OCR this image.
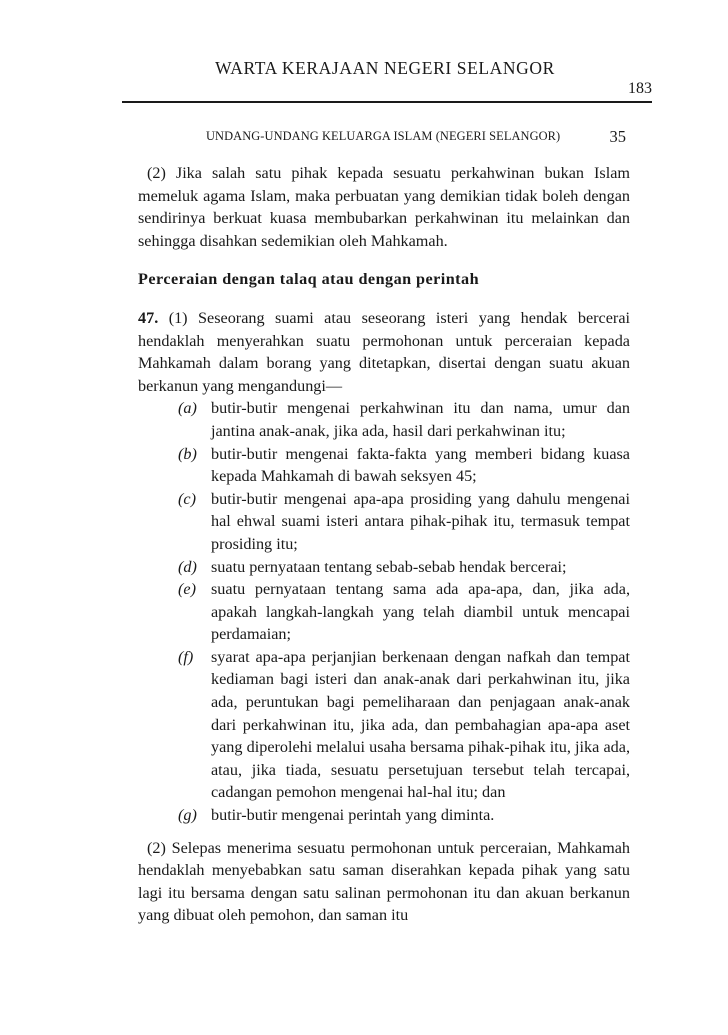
WARTA KERAJAAN NEGERI SELANGOR
183
UNDANG-UNDANG KELUARGA ISLAM (NEGERI SELANGOR)	35

(2) Jika salah satu pihak kepada sesuatu perkahwinan bukan Islam memeluk agama Islam, maka perbuatan yang demikian tidak boleh dengan sendirinya berkuat kuasa membubarkan perkahwinan itu melainkan dan sehingga disahkan sedemikian oleh Mahkamah.

Perceraian dengan talaq atau dengan perintah

47. (1) Seseorang suami atau seseorang isteri yang hendak bercerai hendaklah menyerahkan suatu permohonan untuk perceraian kepada Mahkamah dalam borang yang ditetapkan, disertai dengan suatu akuan berkanun yang mengandungi—

(a) butir-butir mengenai perkahwinan itu dan nama, umur dan jantina anak-anak, jika ada, hasil dari perkahwinan itu;
(b) butir-butir mengenai fakta-fakta yang memberi bidang kuasa kepada Mahkamah di bawah seksyen 45;
(c) butir-butir mengenai apa-apa prosiding yang dahulu mengenai hal ehwal suami isteri antara pihak-pihak itu, termasuk tempat prosiding itu;
(d) suatu pernyataan tentang sebab-sebab hendak bercerai;
(e) suatu pernyataan tentang sama ada apa-apa, dan, jika ada, apakah langkah-langkah yang telah diambil untuk mencapai perdamaian;
(f)	syarat apa-apa perjanjian berkenaan dengan nafkah dan tempat kediaman bagi isteri dan anak-anak dari perkahwinan itu, jika ada, peruntukan bagi pemeliharaan dan penjagaan anak-anak dari perkahwinan itu, jika ada, dan pembahagian apa-apa aset yang diperolehi melalui usaha bersama pihak-pihak itu, jika ada, atau, jika tiada, sesuatu persetujuan tersebut telah tercapai, cadangan pemohon mengenai hal-hal itu; dan
(g) butir-butir mengenai perintah yang diminta.

(2) Selepas menerima sesuatu permohonan untuk perceraian, Mahkamah hendaklah menyebabkan satu saman diserahkan kepada pihak yang satu lagi itu bersama dengan satu salinan permohonan itu dan akuan berkanun yang dibuat oleh pemohon, dan saman itu
